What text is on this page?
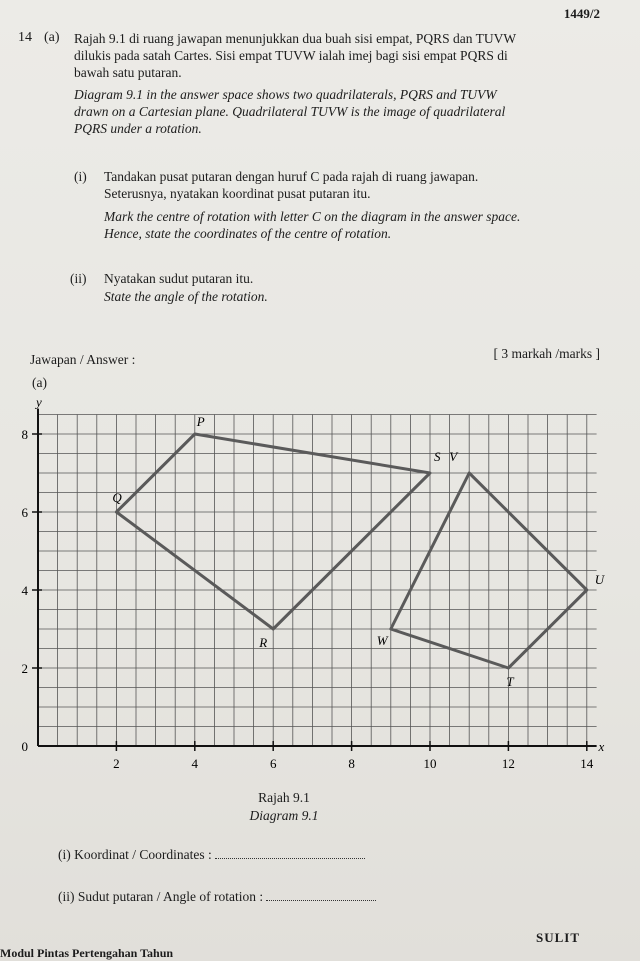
1449/2
14 (a) Rajah 9.1 di ruang jawapan menunjukkan dua buah sisi empat, PQRS dan TUVW
dilukis pada satah Cartes. Sisi empat TUVW ialah imej bagi sisi empat PQRS di
bawah satu putaran.
Diagram 9.1 in the answer space shows two quadrilaterals, PQRS and TUVW
drawn on a Cartesian plane. Quadrilateral TUVW is the image of quadrilateral
PQRS under a rotation.
(i) Tandakan pusat putaran dengan huruf C pada rajah di ruang jawapan.
Seterusnya, nyatakan koordinat pusat putaran itu.
Mark the centre of rotation with letter C on the diagram in the answer space.
Hence, state the coordinates of the centre of rotation.
(ii) Nyatakan sudut putaran itu.
State the angle of the rotation.
[ 3 markah /marks ]
Jawapan / Answer :
(a)
x
y
2	4	6	8	10	12	14
0
2
4
6
8
P
Q
R
S
T
U
V
W
Rajah 9.1
Diagram 9.1
(i) Koordinat / Coordinates :
(ii) Sudut putaran / Angle of rotation :
SULIT
Modul Pintas Pertengahan Tahun
